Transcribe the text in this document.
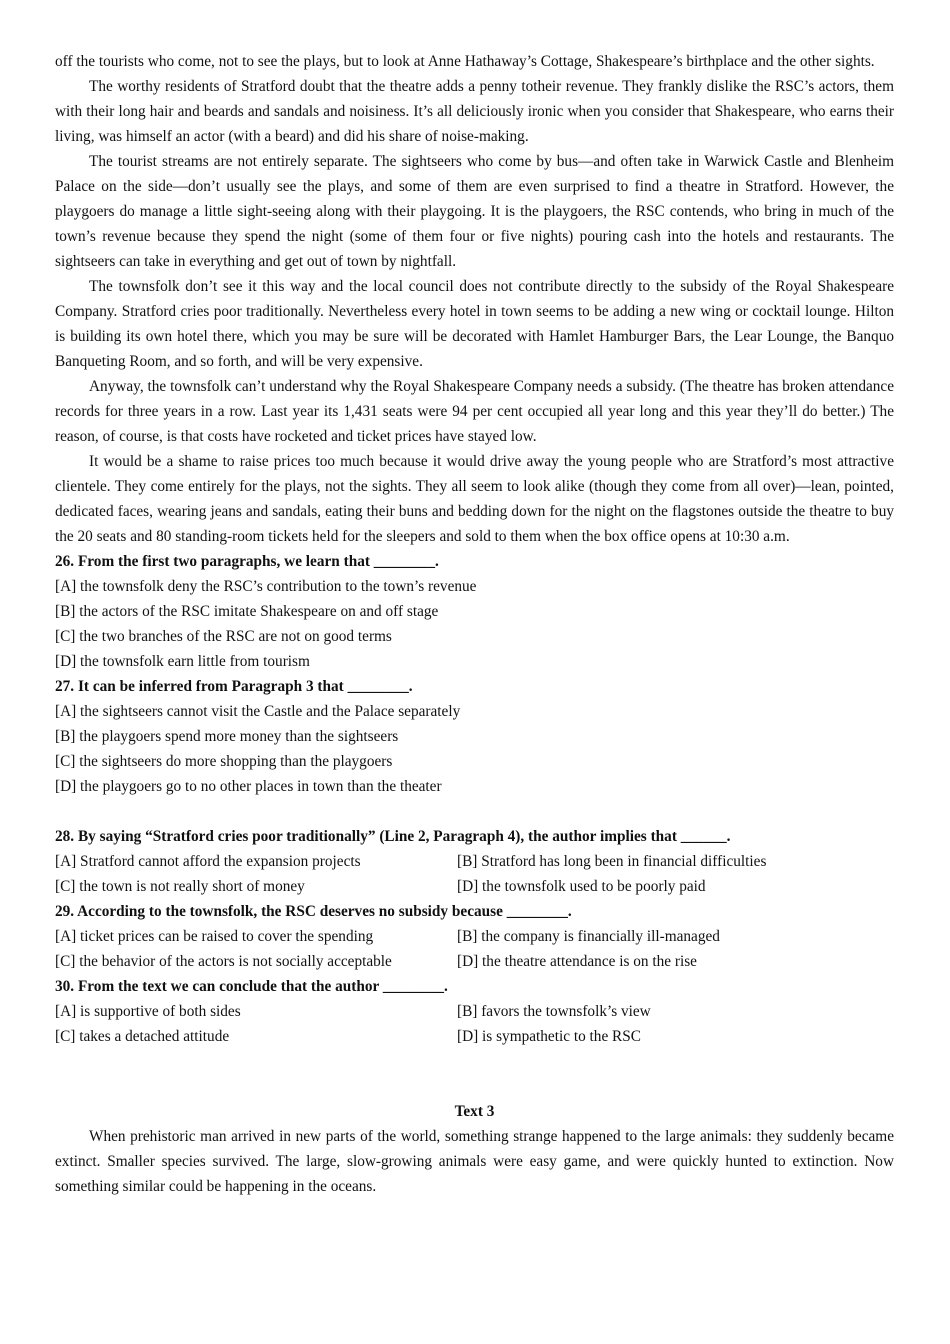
off the tourists who come, not to see the plays, but to look at Anne Hathaway’s Cottage, Shakespeare’s birthplace and the other sights.

The worthy residents of Stratford doubt that the theatre adds a penny totheir revenue. They frankly dislike the RSC’s actors, them with their long hair and beards and sandals and noisiness. It’s all deliciously ironic when you consider that Shakespeare, who earns their living, was himself an actor (with a beard) and did his share of noise-making.

The tourist streams are not entirely separate. The sightseers who come by bus—and often take in Warwick Castle and Blenheim Palace on the side—don’t usually see the plays, and some of them are even surprised to find a theatre in Stratford. However, the playgoers do manage a little sight-seeing along with their playgoing. It is the playgoers, the RSC contends, who bring in much of the town’s revenue because they spend the night (some of them four or five nights) pouring cash into the hotels and restaurants. The sightseers can take in everything and get out of town by nightfall.

The townsfolk don’t see it this way and the local council does not contribute directly to the subsidy of the Royal Shakespeare Company. Stratford cries poor traditionally. Nevertheless every hotel in town seems to be adding a new wing or cocktail lounge. Hilton is building its own hotel there, which you may be sure will be decorated with Hamlet Hamburger Bars, the Lear Lounge, the Banquo Banqueting Room, and so forth, and will be very expensive.

Anyway, the townsfolk can’t understand why the Royal Shakespeare Company needs a subsidy. (The theatre has broken attendance records for three years in a row. Last year its 1,431 seats were 94 per cent occupied all year long and this year they’ll do better.) The reason, of course, is that costs have rocketed and ticket prices have stayed low.

It would be a shame to raise prices too much because it would drive away the young people who are Stratford’s most attractive clientele. They come entirely for the plays, not the sights. They all seem to look alike (though they come from all over)—lean, pointed, dedicated faces, wearing jeans and sandals, eating their buns and bedding down for the night on the flagstones outside the theatre to buy the 20 seats and 80 standing-room tickets held for the sleepers and sold to them when the box office opens at 10:30 a.m.

26. From the first two paragraphs, we learn that ________.
[A] the townsfolk deny the RSC’s contribution to the town’s revenue
[B] the actors of the RSC imitate Shakespeare on and off stage
[C] the two branches of the RSC are not on good terms
[D] the townsfolk earn little from tourism
27. It can be inferred from Paragraph 3 that ________.
[A] the sightseers cannot visit the Castle and the Palace separately
[B] the playgoers spend more money than the sightseers
[C] the sightseers do more shopping than the playgoers
[D] the playgoers go to no other places in town than the theater
28. By saying “Stratford cries poor traditionally” (Line 2, Paragraph 4), the author implies that ______.
[A] Stratford cannot afford the expansion projects	[B] Stratford has long been in financial difficulties
[C] the town is not really short of money	[D] the townsfolk used to be poorly paid
29. According to the townsfolk, the RSC deserves no subsidy because ________.
[A] ticket prices can be raised to cover the spending	[B] the company is financially ill-managed
[C] the behavior of the actors is not socially acceptable	[D] the theatre attendance is on the rise
30. From the text we can conclude that the author ________.
[A] is supportive of both sides	[B] favors the townsfolk’s view
[C] takes a detached attitude	[D] is sympathetic to the RSC
Text 3

When prehistoric man arrived in new parts of the world, something strange happened to the large animals: they suddenly became extinct. Smaller species survived. The large, slow-growing animals were easy game, and were quickly hunted to extinction. Now something similar could be happening in the oceans.
